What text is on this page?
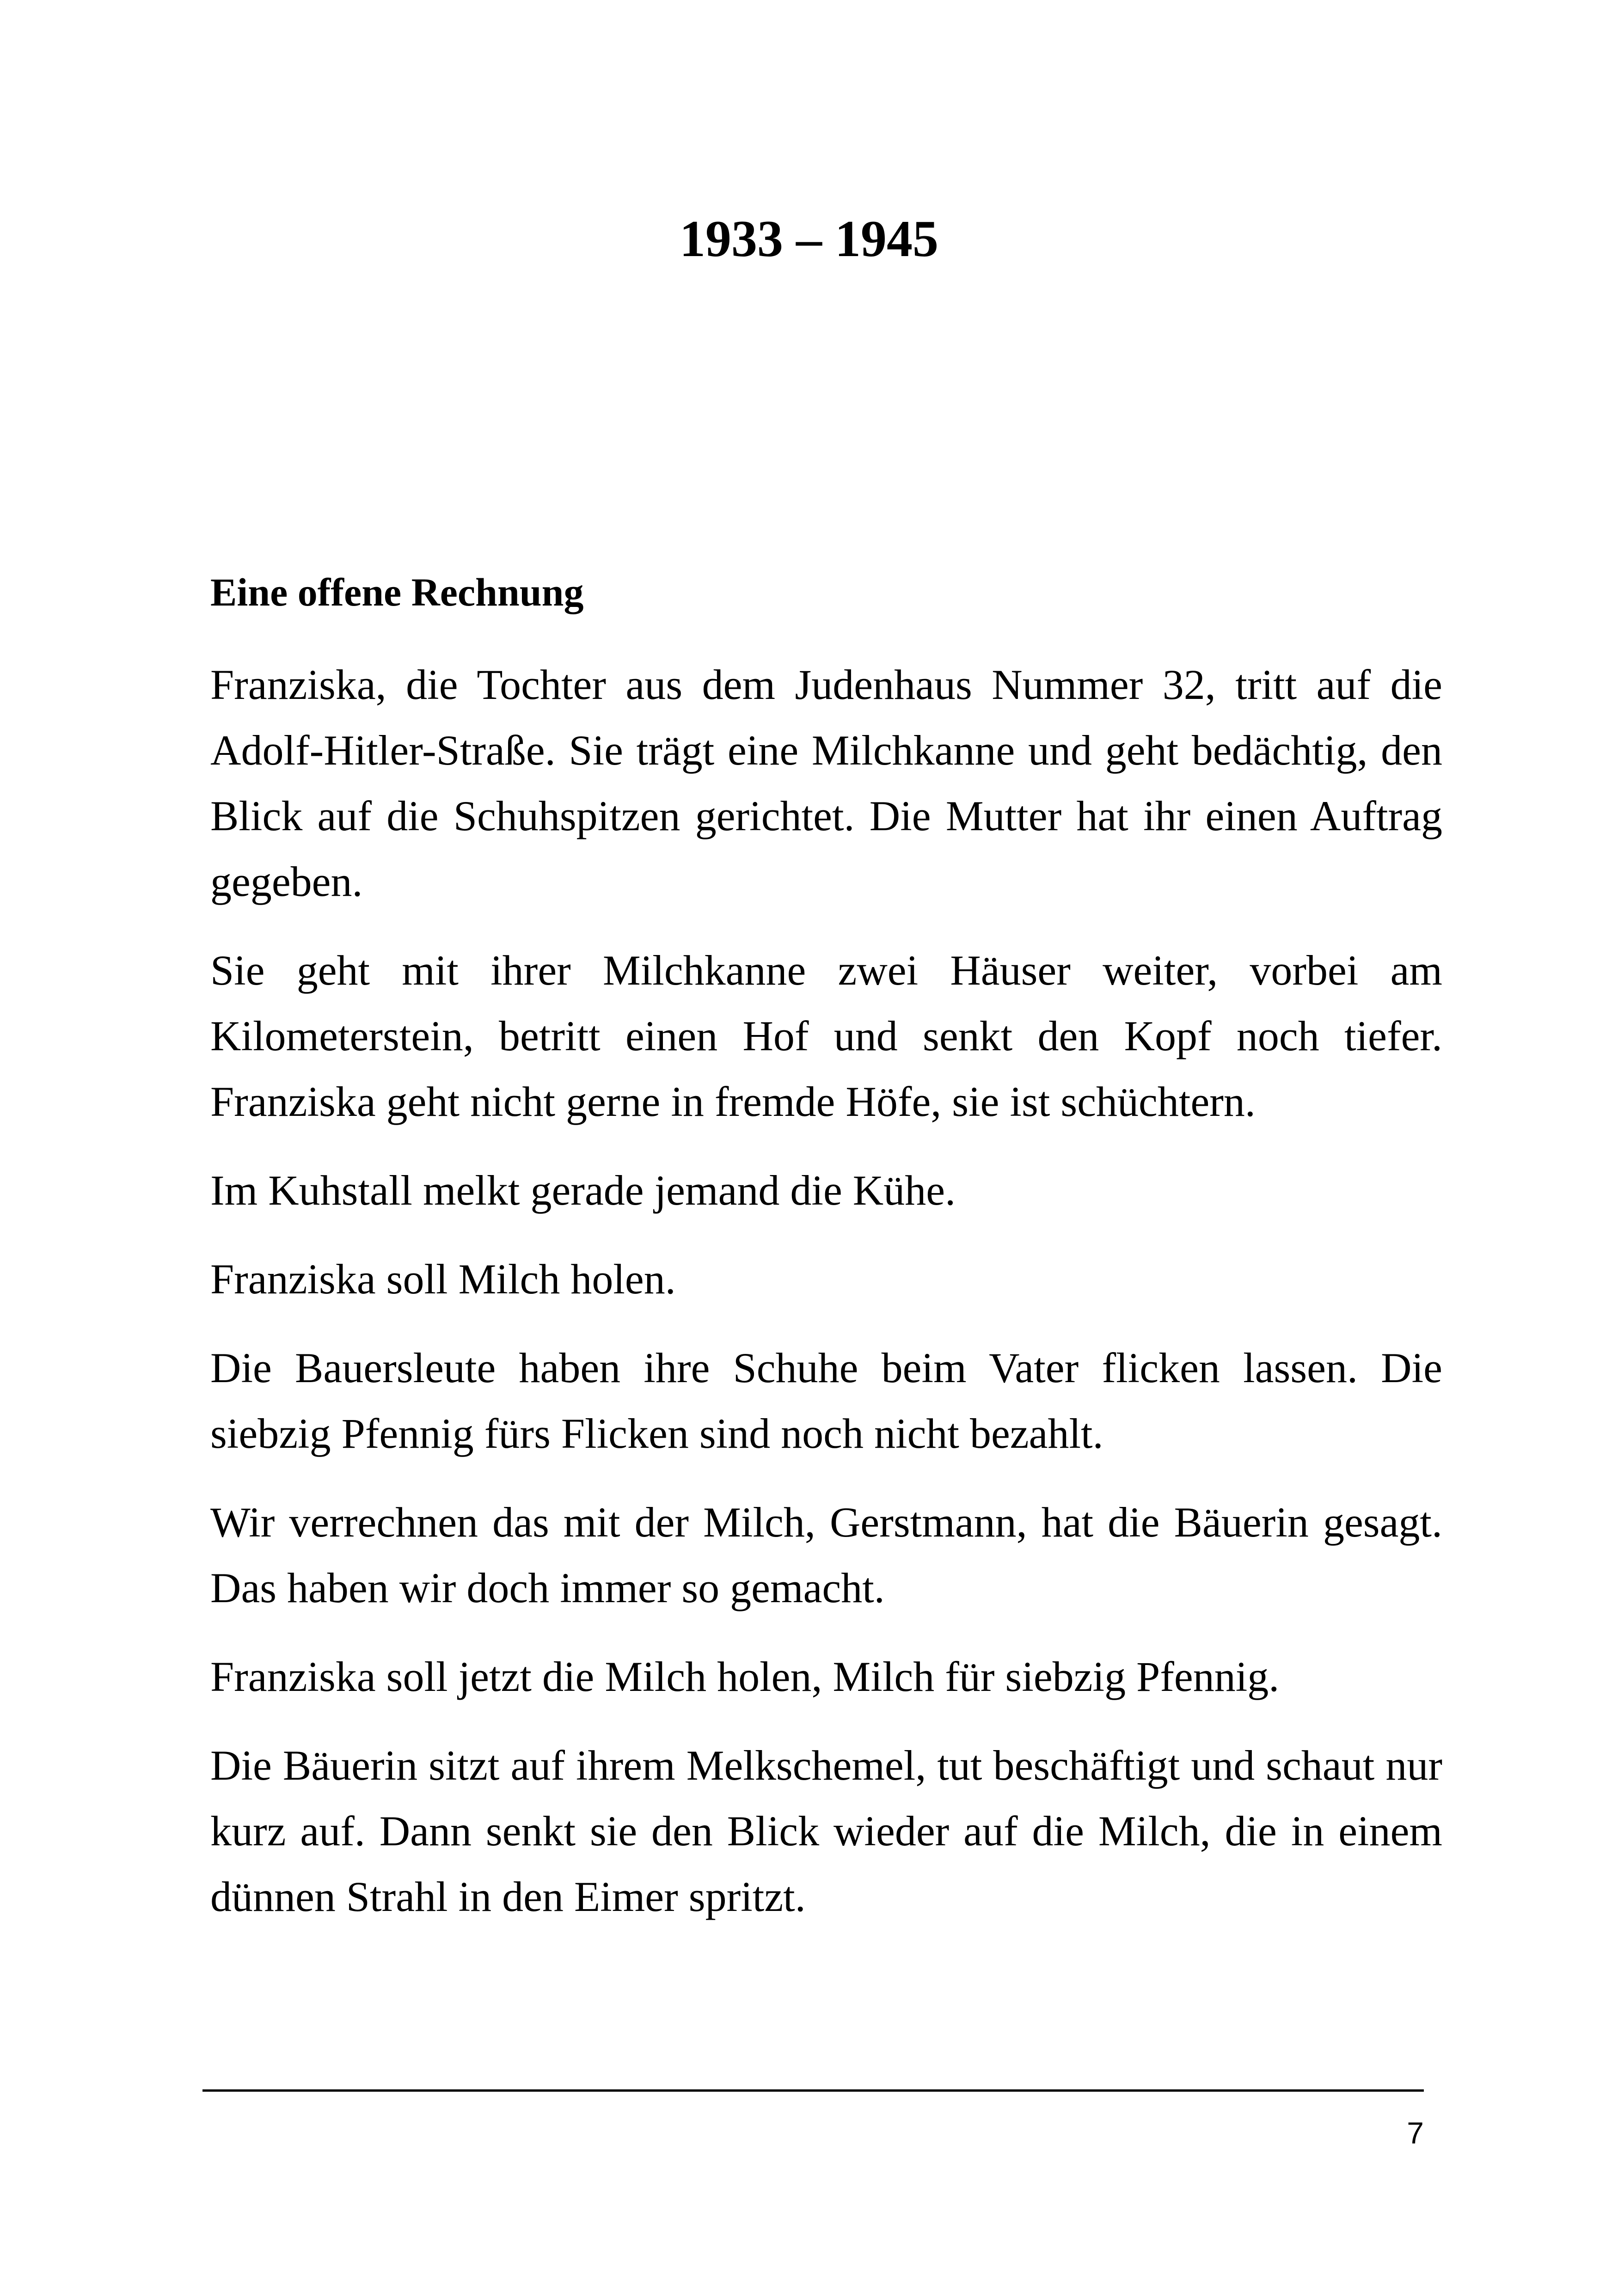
1933 – 1945
Eine offene Rechnung

Franziska, die Tochter aus dem Judenhaus Nummer 32, tritt auf die Adolf-Hitler-Straße. Sie trägt eine Milchkanne und geht bedächtig, den Blick auf die Schuhspitzen gerichtet. Die Mutter hat ihr einen Auftrag gegeben.

Sie geht mit ihrer Milchkanne zwei Häuser weiter, vorbei am Kilometerstein, betritt einen Hof und senkt den Kopf noch tiefer. Franziska geht nicht gerne in fremde Höfe, sie ist schüchtern.

Im Kuhstall melkt gerade jemand die Kühe.

Franziska soll Milch holen.

Die Bauersleute haben ihre Schuhe beim Vater flicken lassen. Die siebzig Pfennig fürs Flicken sind noch nicht bezahlt.

Wir verrechnen das mit der Milch, Gerstmann, hat die Bäuerin gesagt. Das haben wir doch immer so gemacht.

Franziska soll jetzt die Milch holen, Milch für siebzig Pfennig.

Die Bäuerin sitzt auf ihrem Melkschemel, tut beschäftigt und schaut nur kurz auf. Dann senkt sie den Blick wieder auf die Milch, die in einem dünnen Strahl in den Eimer spritzt.

7
